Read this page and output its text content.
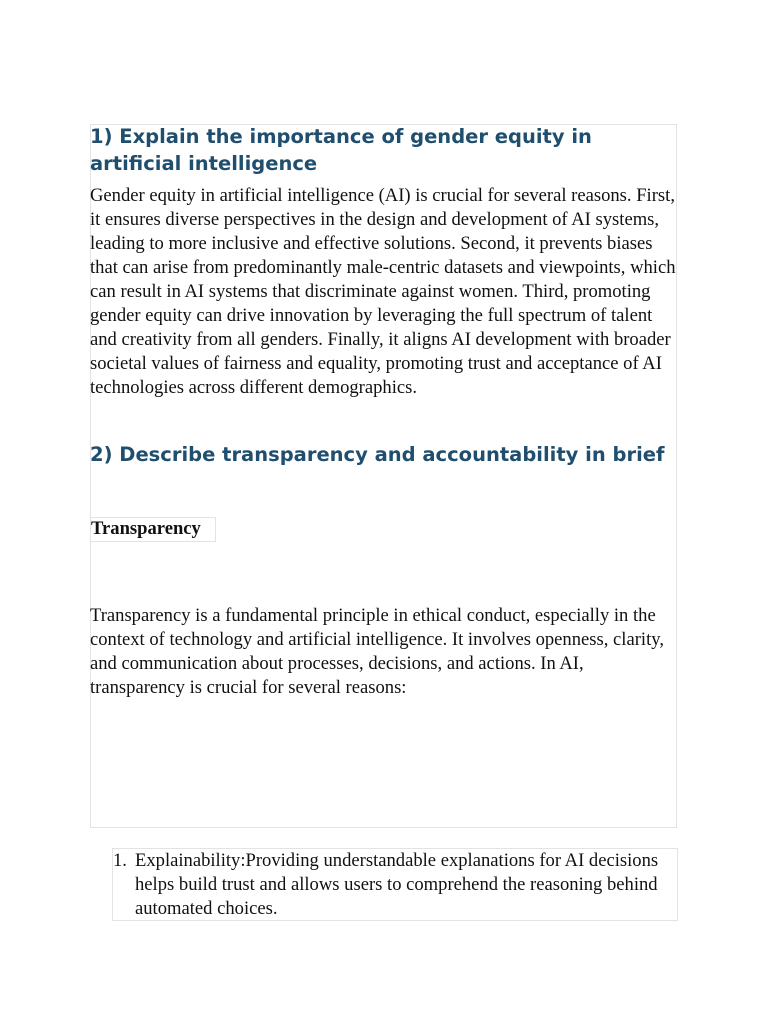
1) Explain the importance of gender equity in artificial intelligence

Gender equity in artificial intelligence (AI) is crucial for several reasons. First, it ensures diverse perspectives in the design and development of AI systems, leading to more inclusive and effective solutions. Second, it prevents biases that can arise from predominantly male-centric datasets and viewpoints, which can result in AI systems that discriminate against women. Third, promoting gender equity can drive innovation by leveraging the full spectrum of talent and creativity from all genders. Finally, it aligns AI development with broader societal values of fairness and equality, promoting trust and acceptance of AI technologies across different demographics.

2) Describe transparency and accountability in brief

Transparency

Transparency is a fundamental principle in ethical conduct, especially in the context of technology and artificial intelligence. It involves openness, clarity, and communication about processes, decisions, and actions. In AI, transparency is crucial for several reasons:

1. Explainability:Providing understandable explanations for AI decisions helps build trust and allows users to comprehend the reasoning behind automated choices.
